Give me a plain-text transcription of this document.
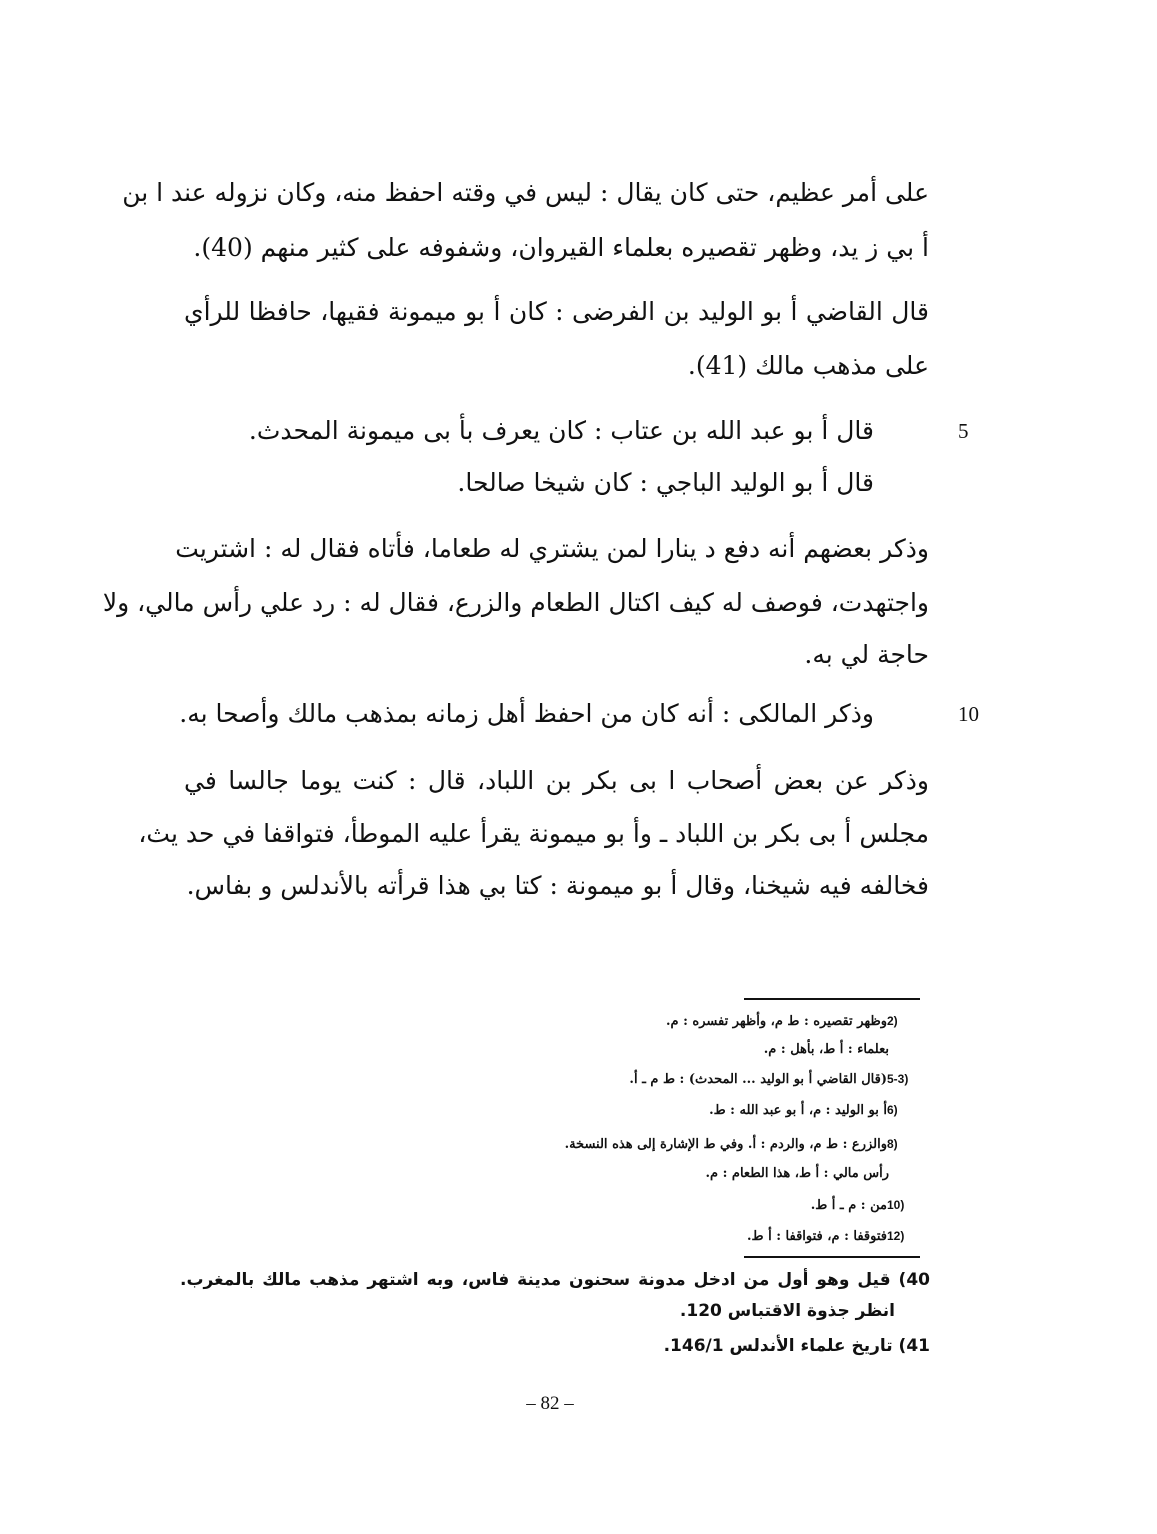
على أمر عظيم، حتى كان يقال : ليس في وقته احفظ منه، وكان نزوله عند ا بن
أ بي ز يد، وظهر تقصيره بعلماء القيروان، وشفوفه على كثير منهم (40).
قال القاضي أ بو الوليد بن الفرضى : كان أ بو ميمونة فقيها، حافظا للرأي
على مذهب مالك (41).
5
قال أ بو عبد الله بن عتاب : كان يعرف بأ بى ميمونة المحدث.
قال أ بو الوليد الباجي : كان شيخا صالحا.
وذكر بعضهم أنه دفع د ينارا لمن يشتري له طعاما، فأتاه فقال له : اشتريت
واجتهدت، فوصف له كيف اكتال الطعام والزرع، فقال له : رد علي رأس مالي، ولا
حاجة لي به.
10
وذكر المالكى : أنه كان من احفظ أهل زمانه بمذهب مالك وأصحا به.
وذكر عن بعض أصحاب ا بى بكر بن اللباد، قال : كنت يوما جالسا في
مجلس أ بى بكر بن اللباد ـ وأ بو ميمونة يقرأ عليه الموطأ، فتواقفا في حد يث،
فخالفه فيه شيخنا، وقال أ بو ميمونة : كتا بي هذا قرأته بالأندلس و بفاس.
2)وظهر تقصيره : ط م، وأظهر تفسره : م.
بعلماء : أ ط، بأهل : م.
5-3)(قال القاضي أ بو الوليد ... المحدث) : ط م ـ أ.
6)أ بو الوليد : م، أ بو عبد الله : ط.
8)والزرع : ط م، والردم : أ. وفي ط الإشارة إلى هذه النسخة.
رأس مالي : أ ط، هذا الطعام : م.
10)من : م ـ أ ط.
12)فتوقفا : م، فتواقفا : أ ط.
40) قيل وهو أول من ادخل مدونة سحنون مدينة فاس، وبه اشتهر مذهب مالك بالمغرب.
انظر جذوة الاقتباس 120.
41) تاريخ علماء الأندلس 146/1.
– 82 –
